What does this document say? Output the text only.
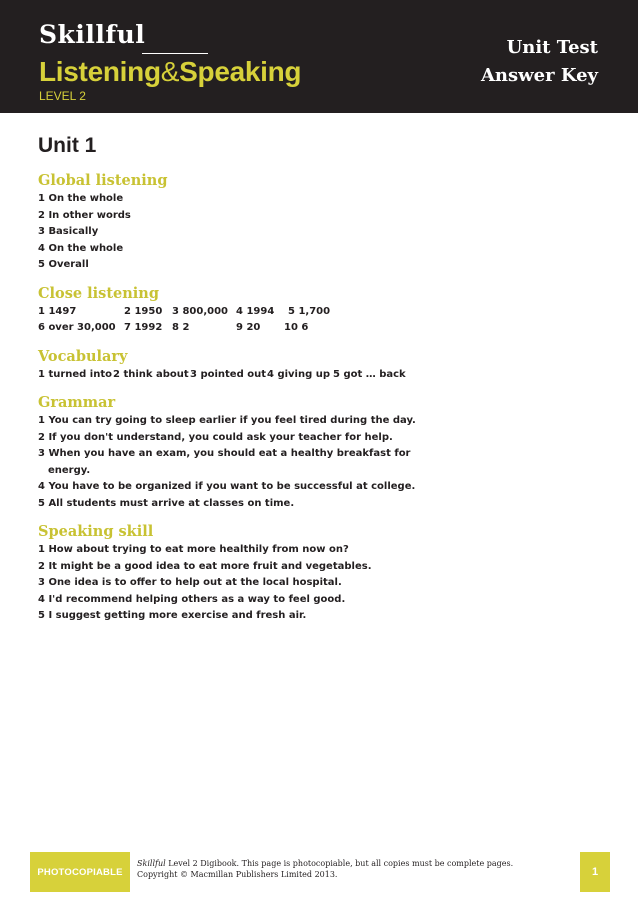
Skillful
Listening&Speaking
LEVEL 2
Unit Test
Answer Key
Unit 1
Global listening
1 On the whole
2 In other words
3 Basically
4 On the whole
5 Overall
Close listening
1 1497	2 1950 3 800,000 4 1994	5 1,700
6 over 30,000 7 1992 8 2	9 20	10 6
Vocabulary
1 turned into 2 think about 3 pointed out 4 giving up 5 got … back
Grammar
1 You can try going to sleep earlier if you feel tired during the day.
2 If you don't understand, you could ask your teacher for help.
3 When you have an exam, you should eat a healthy breakfast for
energy.
4 You have to be organized if you want to be successful at college.
5 All students must arrive at classes on time.
Speaking skill
1 How about trying to eat more healthily from now on?
2 It might be a good idea to eat more fruit and vegetables.
3 One idea is to offer to help out at the local hospital.
4 I'd recommend helping others as a way to feel good.
5 I suggest getting more exercise and fresh air.
PHOTOCOPIABLE
Skillful Level 2 Digibook. This page is photocopiable, but all copies must be complete pages.
Copyright © Macmillan Publishers Limited 2013.	1
